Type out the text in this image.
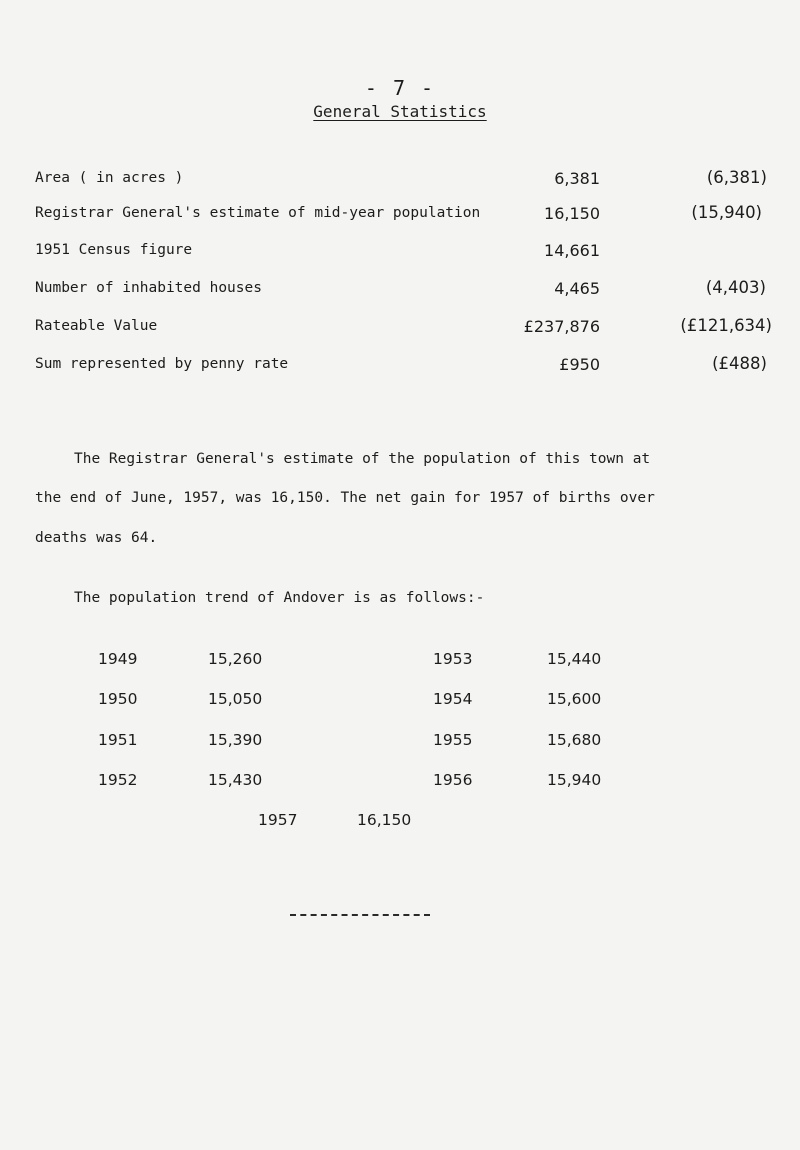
- 7 -
General Statistics
Area ( in acres )	6,381	(6,381)
Registrar General's estimate of mid-year population	16,150	(15,940)
1951 Census figure	14,661
Number of inhabited houses	4,465	(4,403)
Rateable Value	£237,876	(£121,634)
Sum represented by penny rate	£950	(£488)
The Registrar General's estimate of the population of this town at
the end of June, 1957, was 16,150. The net gain for 1957 of births over
deaths was 64.
The population trend of Andover is as follows:-
1949	15,260	1953	15,440
1950	15,050	1954	15,600
1951	15,390	1955	15,680
1952	15,430	1956	15,940
1957	16,150
